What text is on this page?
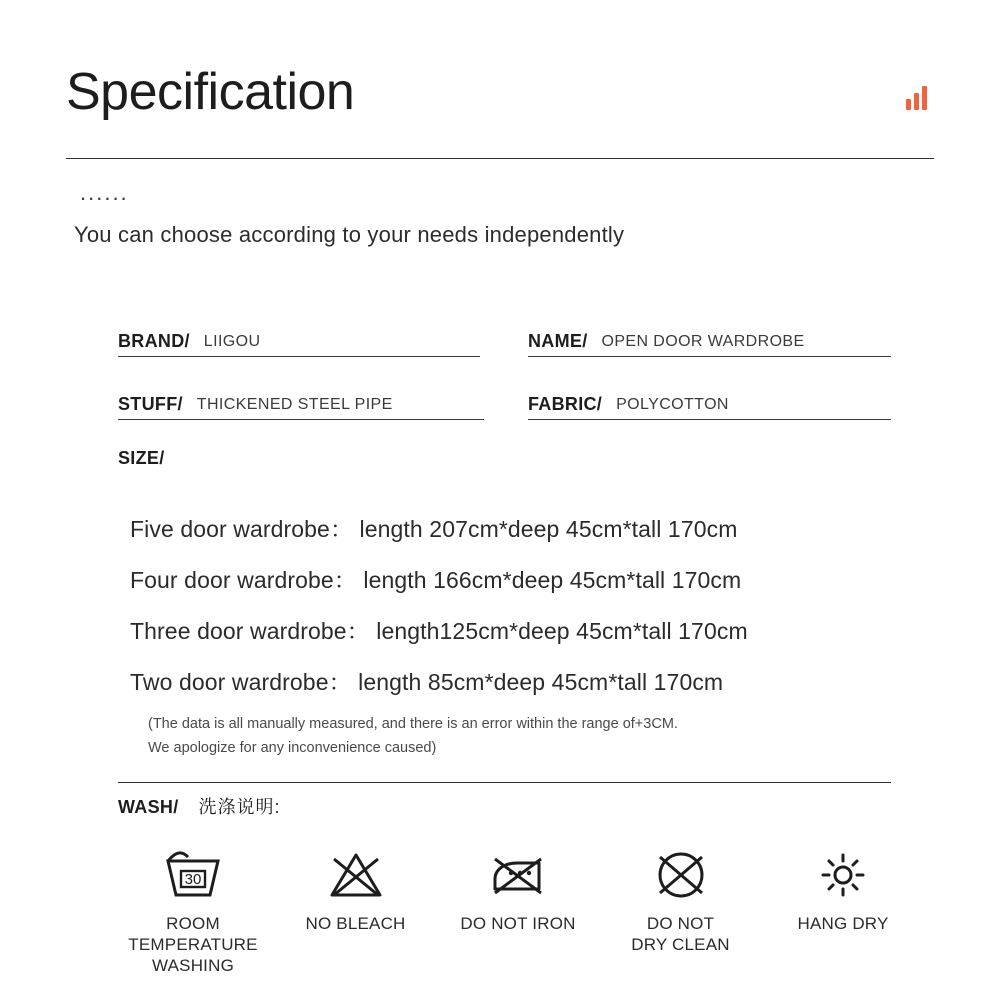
Specification
......
You can choose according to your needs independently
BRAND/ LIIGOU	NAME/ OPEN DOOR WARDROBE
STUFF/ THICKENED STEEL PIPE	FABRIC/ POLYCOTTON
SIZE/
Five door wardrobe： length 207cm*deep 45cm*tall 170cm
Four door wardrobe： length 166cm*deep 45cm*tall 170cm
Three door wardrobe： length125cm*deep 45cm*tall 170cm
Two door wardrobe： length 85cm*deep 45cm*tall 170cm
(The data is all manually measured, and there is an error within the range of+3CM.
We apologize for any inconvenience caused)
WASH/	洗涤说明:
30
ROOM
TEMPERATURE
WASHING
NO BLEACH	DO NOT IRON	DO NOT
DRY CLEAN
HANG DRY
